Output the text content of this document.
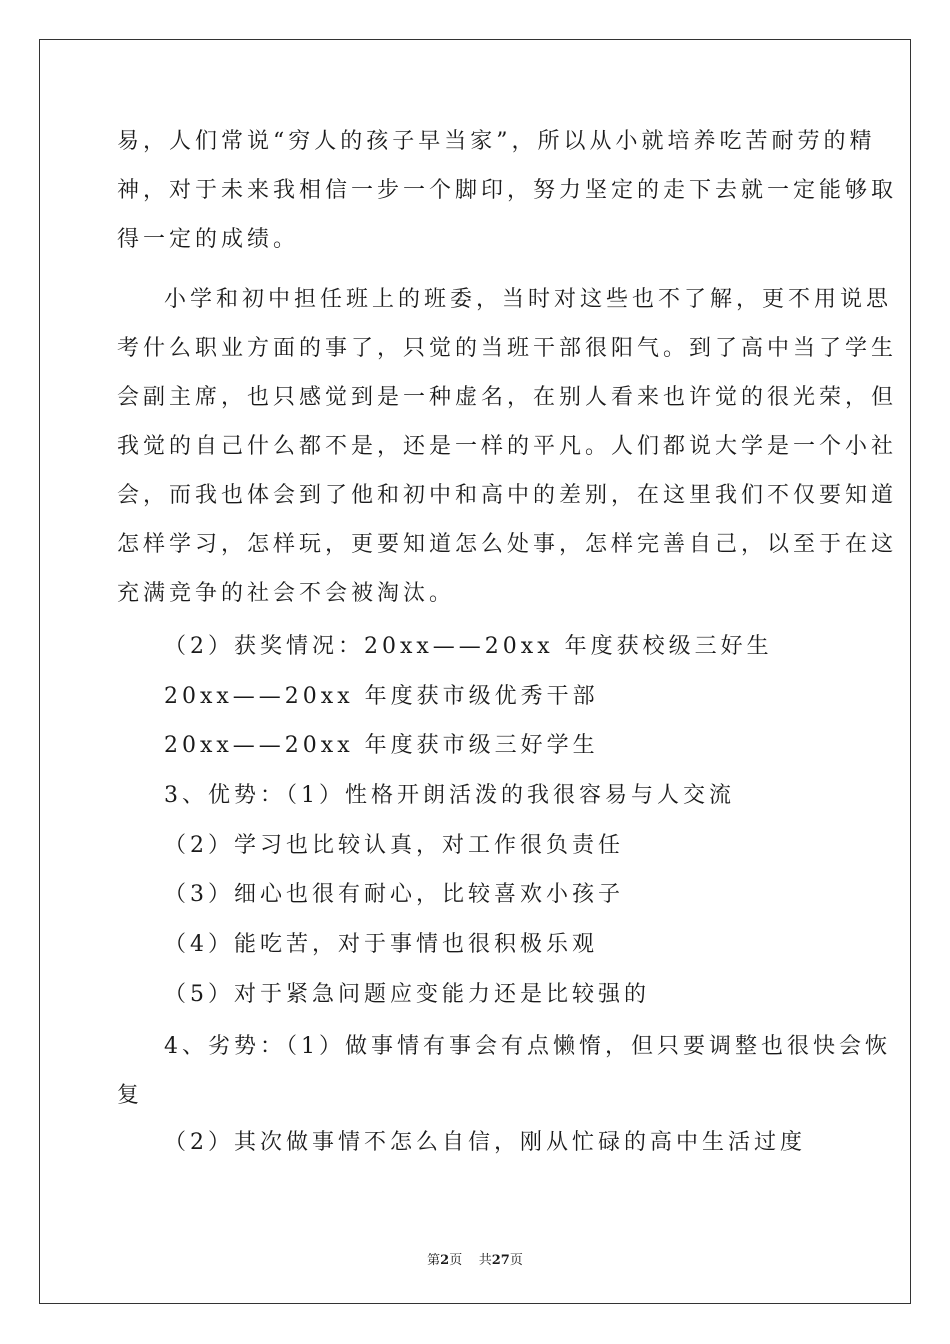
易，人们常说“穷人的孩子早当家”，所以从小就培养吃苦耐劳的精
神，对于未来我相信一步一个脚印，努力坚定的走下去就一定能够取
得一定的成绩。
小学和初中担任班上的班委，当时对这些也不了解，更不用说思
考什么职业方面的事了，只觉的当班干部很阳气。到了高中当了学生
会副主席，也只感觉到是一种虚名，在别人看来也许觉的很光荣，但
我觉的自己什么都不是，还是一样的平凡。人们都说大学是一个小社
会，而我也体会到了他和初中和高中的差别，在这里我们不仅要知道
怎样学习，怎样玩，更要知道怎么处事，怎样完善自己，以至于在这
充满竞争的社会不会被淘汰。
（2）获奖情况：20xx——20xx 年度获校级三好生
20xx——20xx 年度获市级优秀干部
20xx——20xx 年度获市级三好学生
3、优势：（1）性格开朗活泼的我很容易与人交流
（2）学习也比较认真，对工作很负责任
（3）细心也很有耐心，比较喜欢小孩子
（4）能吃苦，对于事情也很积极乐观
（5）对于紧急问题应变能力还是比较强的
4、劣势：（1）做事情有事会有点懒惰，但只要调整也很快会恢
复
（2）其次做事情不怎么自信，刚从忙碌的高中生活过度
第2页 共27页
